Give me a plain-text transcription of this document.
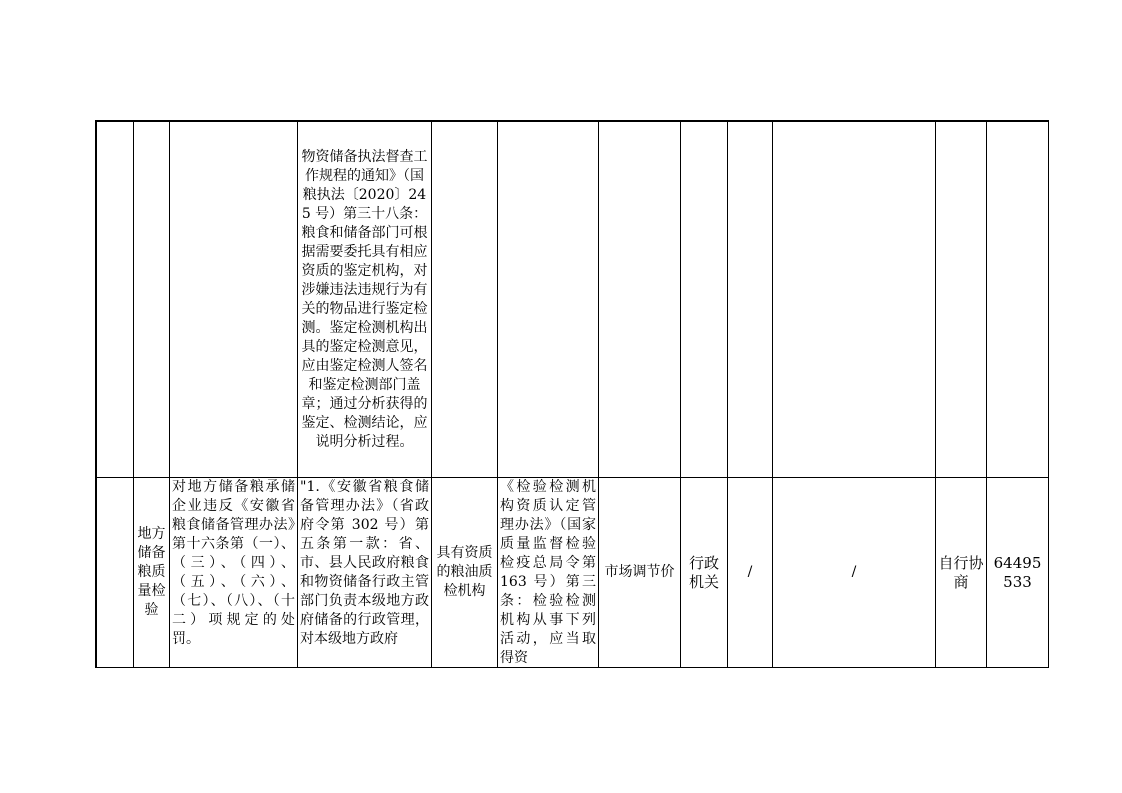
物资储备执法督查工作规程的通知》（国粮执法〔2020〕245 号）第三十八条：粮食和储备部门可根据需要委托具有相应资质的鉴定机构，对涉嫌违法违规行为有关的物品进行鉴定检测。鉴定检测机构出具的鉴定检测意见，应由鉴定检测人签名和鉴定检测部门盖章；通过分析获得的鉴定、检测结论，应说明分析过程。
地方储备粮质量检验
对地方储备粮承储企业违反《安徽省粮食储备管理办法》第十六条第（一）、（三）、（四）、（五）、（六）、（七）、（八）、（十二）项规定的处罚。
"1.《安徽省粮食储备管理办法》（省政府令第 302 号）第五条第一款：省、市、县人民政府粮食和物资储备行政主管部门负责本级地方政府储备的行政管理，对本级地方政府
具有资质的粮油质检机构
《检验检测机构资质认定管理办法》（国家质量监督检验检疫总局令第 163 号）第三条：检验检测机构从事下列活动，应当取得资
市场调节价
行政机关
/	/
自行协商
64495533
